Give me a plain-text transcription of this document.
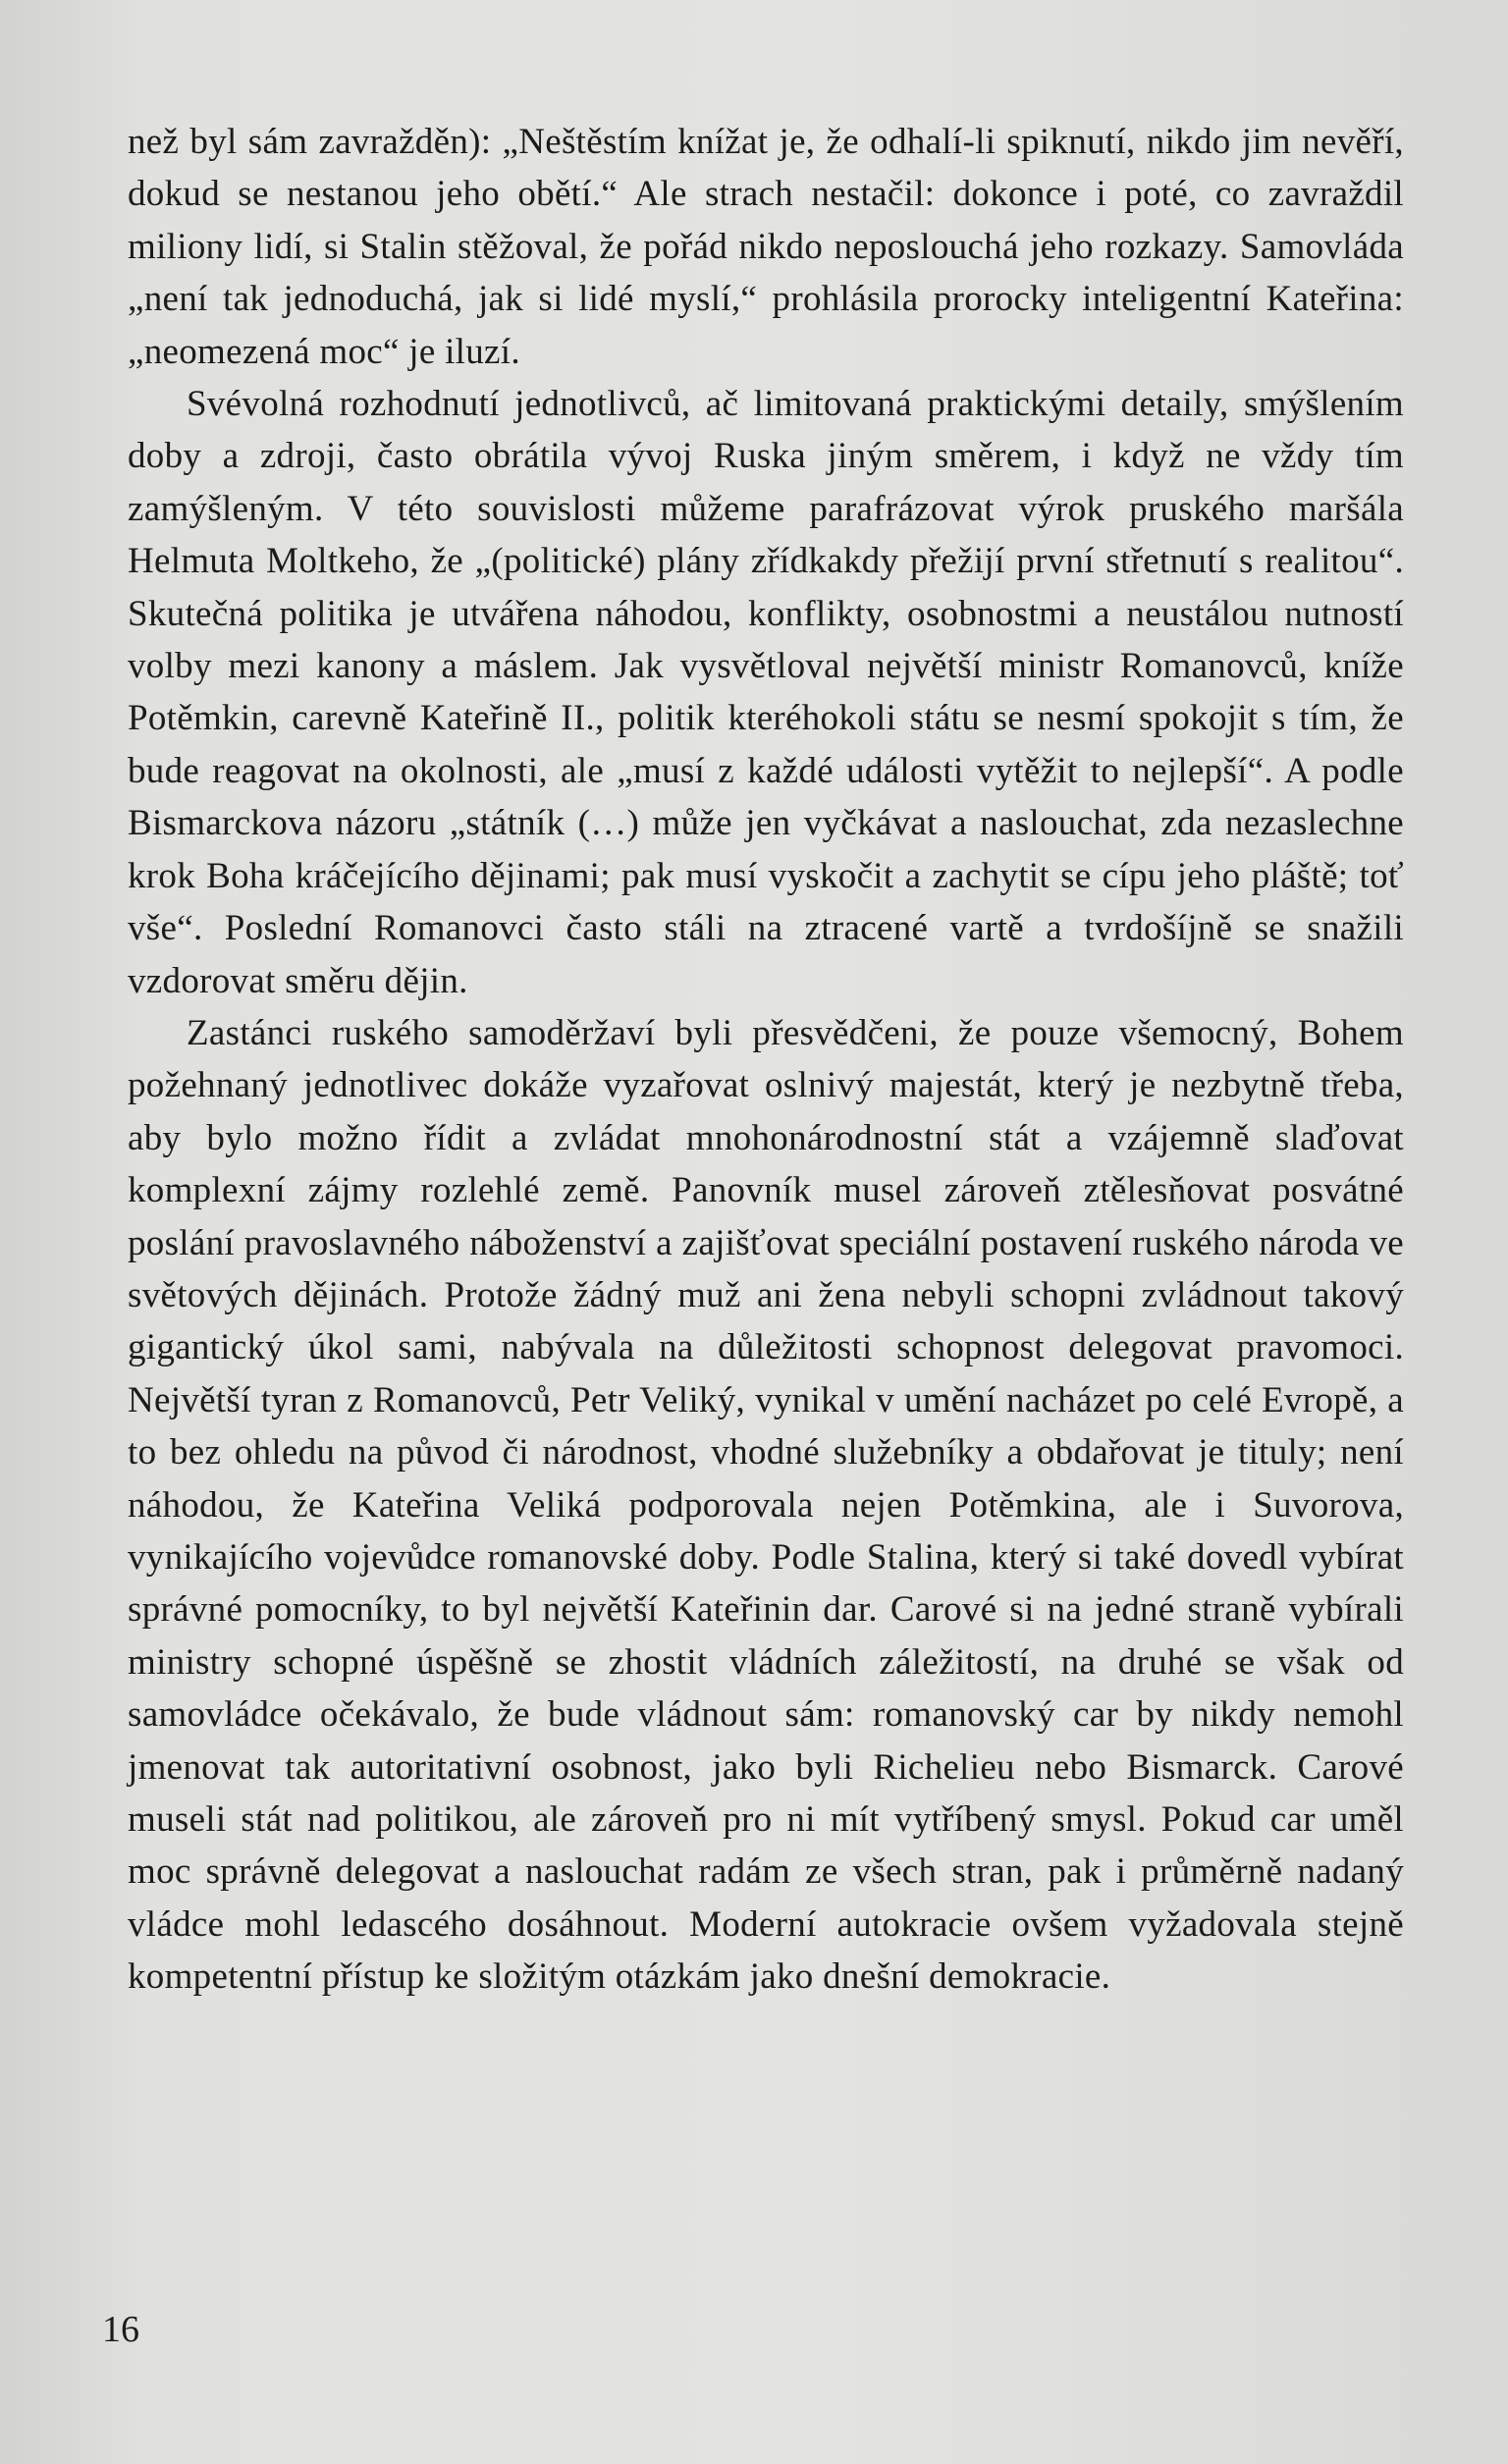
než byl sám zavražděn): „Neštěstím knížat je, že odhalí-li spiknutí, nikdo jim nevěří, dokud se nestanou jeho obětí.“ Ale strach nestačil: dokonce i poté, co zavraždil miliony lidí, si Stalin stěžoval, že pořád nikdo neposlouchá jeho rozkazy. Samovláda „není tak jednoduchá, jak si lidé myslí,“ prohlásila prorocky inteligentní Kateřina: „neomezená moc“ je iluzí.

Svévolná rozhodnutí jednotlivců, ač limitovaná praktickými detaily, smýšlením doby a zdroji, často obrátila vývoj Ruska jiným směrem, i když ne vždy tím zamýšleným. V této souvislosti můžeme parafrázovat výrok pruského maršála Helmuta Moltkeho, že „(politické) plány zřídkakdy přežijí první střetnutí s realitou“. Skutečná politika je utvářena náhodou, konflikty, osobnostmi a neustálou nutností volby mezi kanony a máslem. Jak vysvětloval největší ministr Romanovců, kníže Potěmkin, carevně Kateřině II., politik kteréhokoli státu se nesmí spokojit s tím, že bude reagovat na okolnosti, ale „musí z každé události vytěžit to nejlepší“. A podle Bismarckova názoru „státník (…) může jen vyčkávat a naslouchat, zda nezaslechne krok Boha kráčejícího dějinami; pak musí vyskočit a zachytit se cípu jeho pláště; toť vše“. Poslední Romanovci často stáli na ztracené vartě a tvrdošíjně se snažili vzdorovat směru dějin.

Zastánci ruského samoděržaví byli přesvědčeni, že pouze všemocný, Bohem požehnaný jednotlivec dokáže vyzařovat oslnivý majestát, který je nezbytně třeba, aby bylo možno řídit a zvládat mnohonárodnostní stát a vzájemně slaďovat komplexní zájmy rozlehlé země. Panovník musel zároveň ztělesňovat posvátné poslání pravoslavného náboženství a zajišťovat speciální postavení ruského národa ve světových dějinách. Protože žádný muž ani žena nebyli schopni zvládnout takový gigantický úkol sami, nabývala na důležitosti schopnost delegovat pravomoci. Největší tyran z Romanovců, Petr Veliký, vynikal v umění nacházet po celé Evropě, a to bez ohledu na původ či národnost, vhodné služebníky a obdařovat je tituly; není náhodou, že Kateřina Veliká podporovala nejen Potěmkina, ale i Suvorova, vynikajícího vojevůdce romanovské doby. Podle Stalina, který si také dovedl vybírat správné pomocníky, to byl největší Kateřinin dar. Carové si na jedné straně vybírali ministry schopné úspěšně se zhostit vládních záležitostí, na druhé se však od samovládce očekávalo, že bude vládnout sám: romanovský car by nikdy nemohl jmenovat tak autoritativní osobnost, jako byli Richelieu nebo Bismarck. Carové museli stát nad politikou, ale zároveň pro ni mít vytříbený smysl. Pokud car uměl moc správně delegovat a naslouchat radám ze všech stran, pak i průměrně nadaný vládce mohl ledascého dosáhnout. Moderní autokracie ovšem vyžadovala stejně kompetentní přístup ke složitým otázkám jako dnešní demokracie.

16
